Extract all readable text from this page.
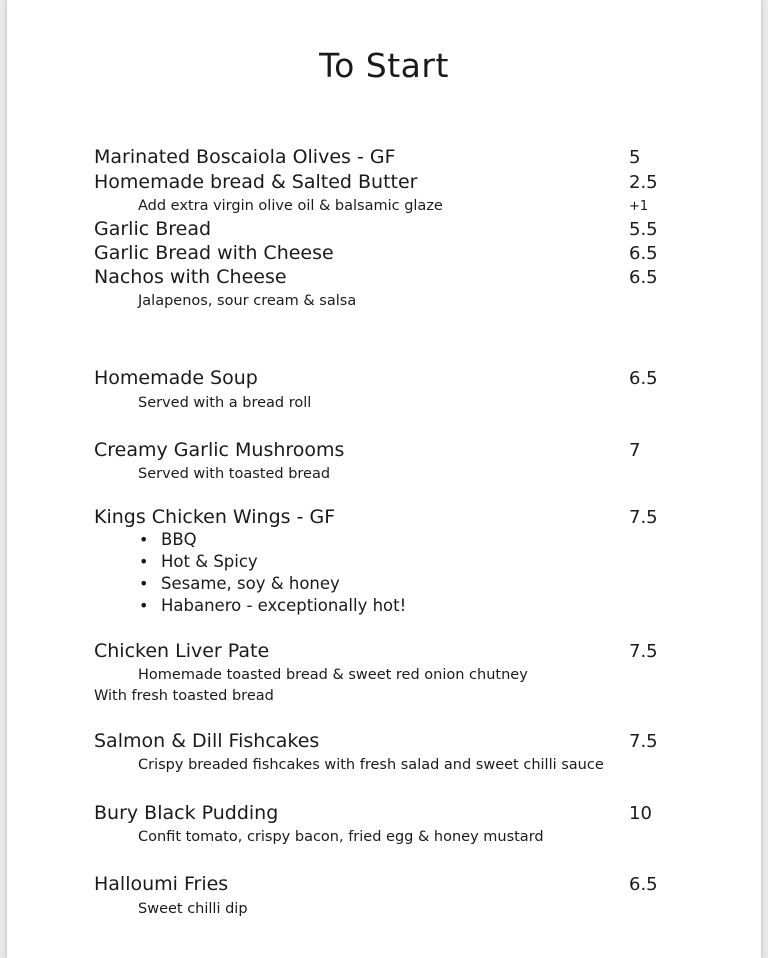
To Start
Marinated Boscaiola Olives - GF	5
Homemade bread & Salted Butter	2.5
Add extra virgin olive oil & balsamic glaze	+1
Garlic Bread	5.5
Garlic Bread with Cheese	6.5
Nachos with Cheese	6.5
Jalapenos, sour cream & salsa
Homemade Soup	6.5
Served with a bread roll
Creamy Garlic Mushrooms	7
Served with toasted bread
Kings Chicken Wings - GF	7.5
• BBQ
• Hot & Spicy
• Sesame, soy & honey
• Habanero - exceptionally hot!
Chicken Liver Pate	7.5
Homemade toasted bread & sweet red onion chutney
With fresh toasted bread
Salmon & Dill Fishcakes	7.5
Crispy breaded fishcakes with fresh salad and sweet chilli sauce
Bury Black Pudding	10
Confit tomato, crispy bacon, fried egg & honey mustard
Halloumi Fries	6.5
Sweet chilli dip
